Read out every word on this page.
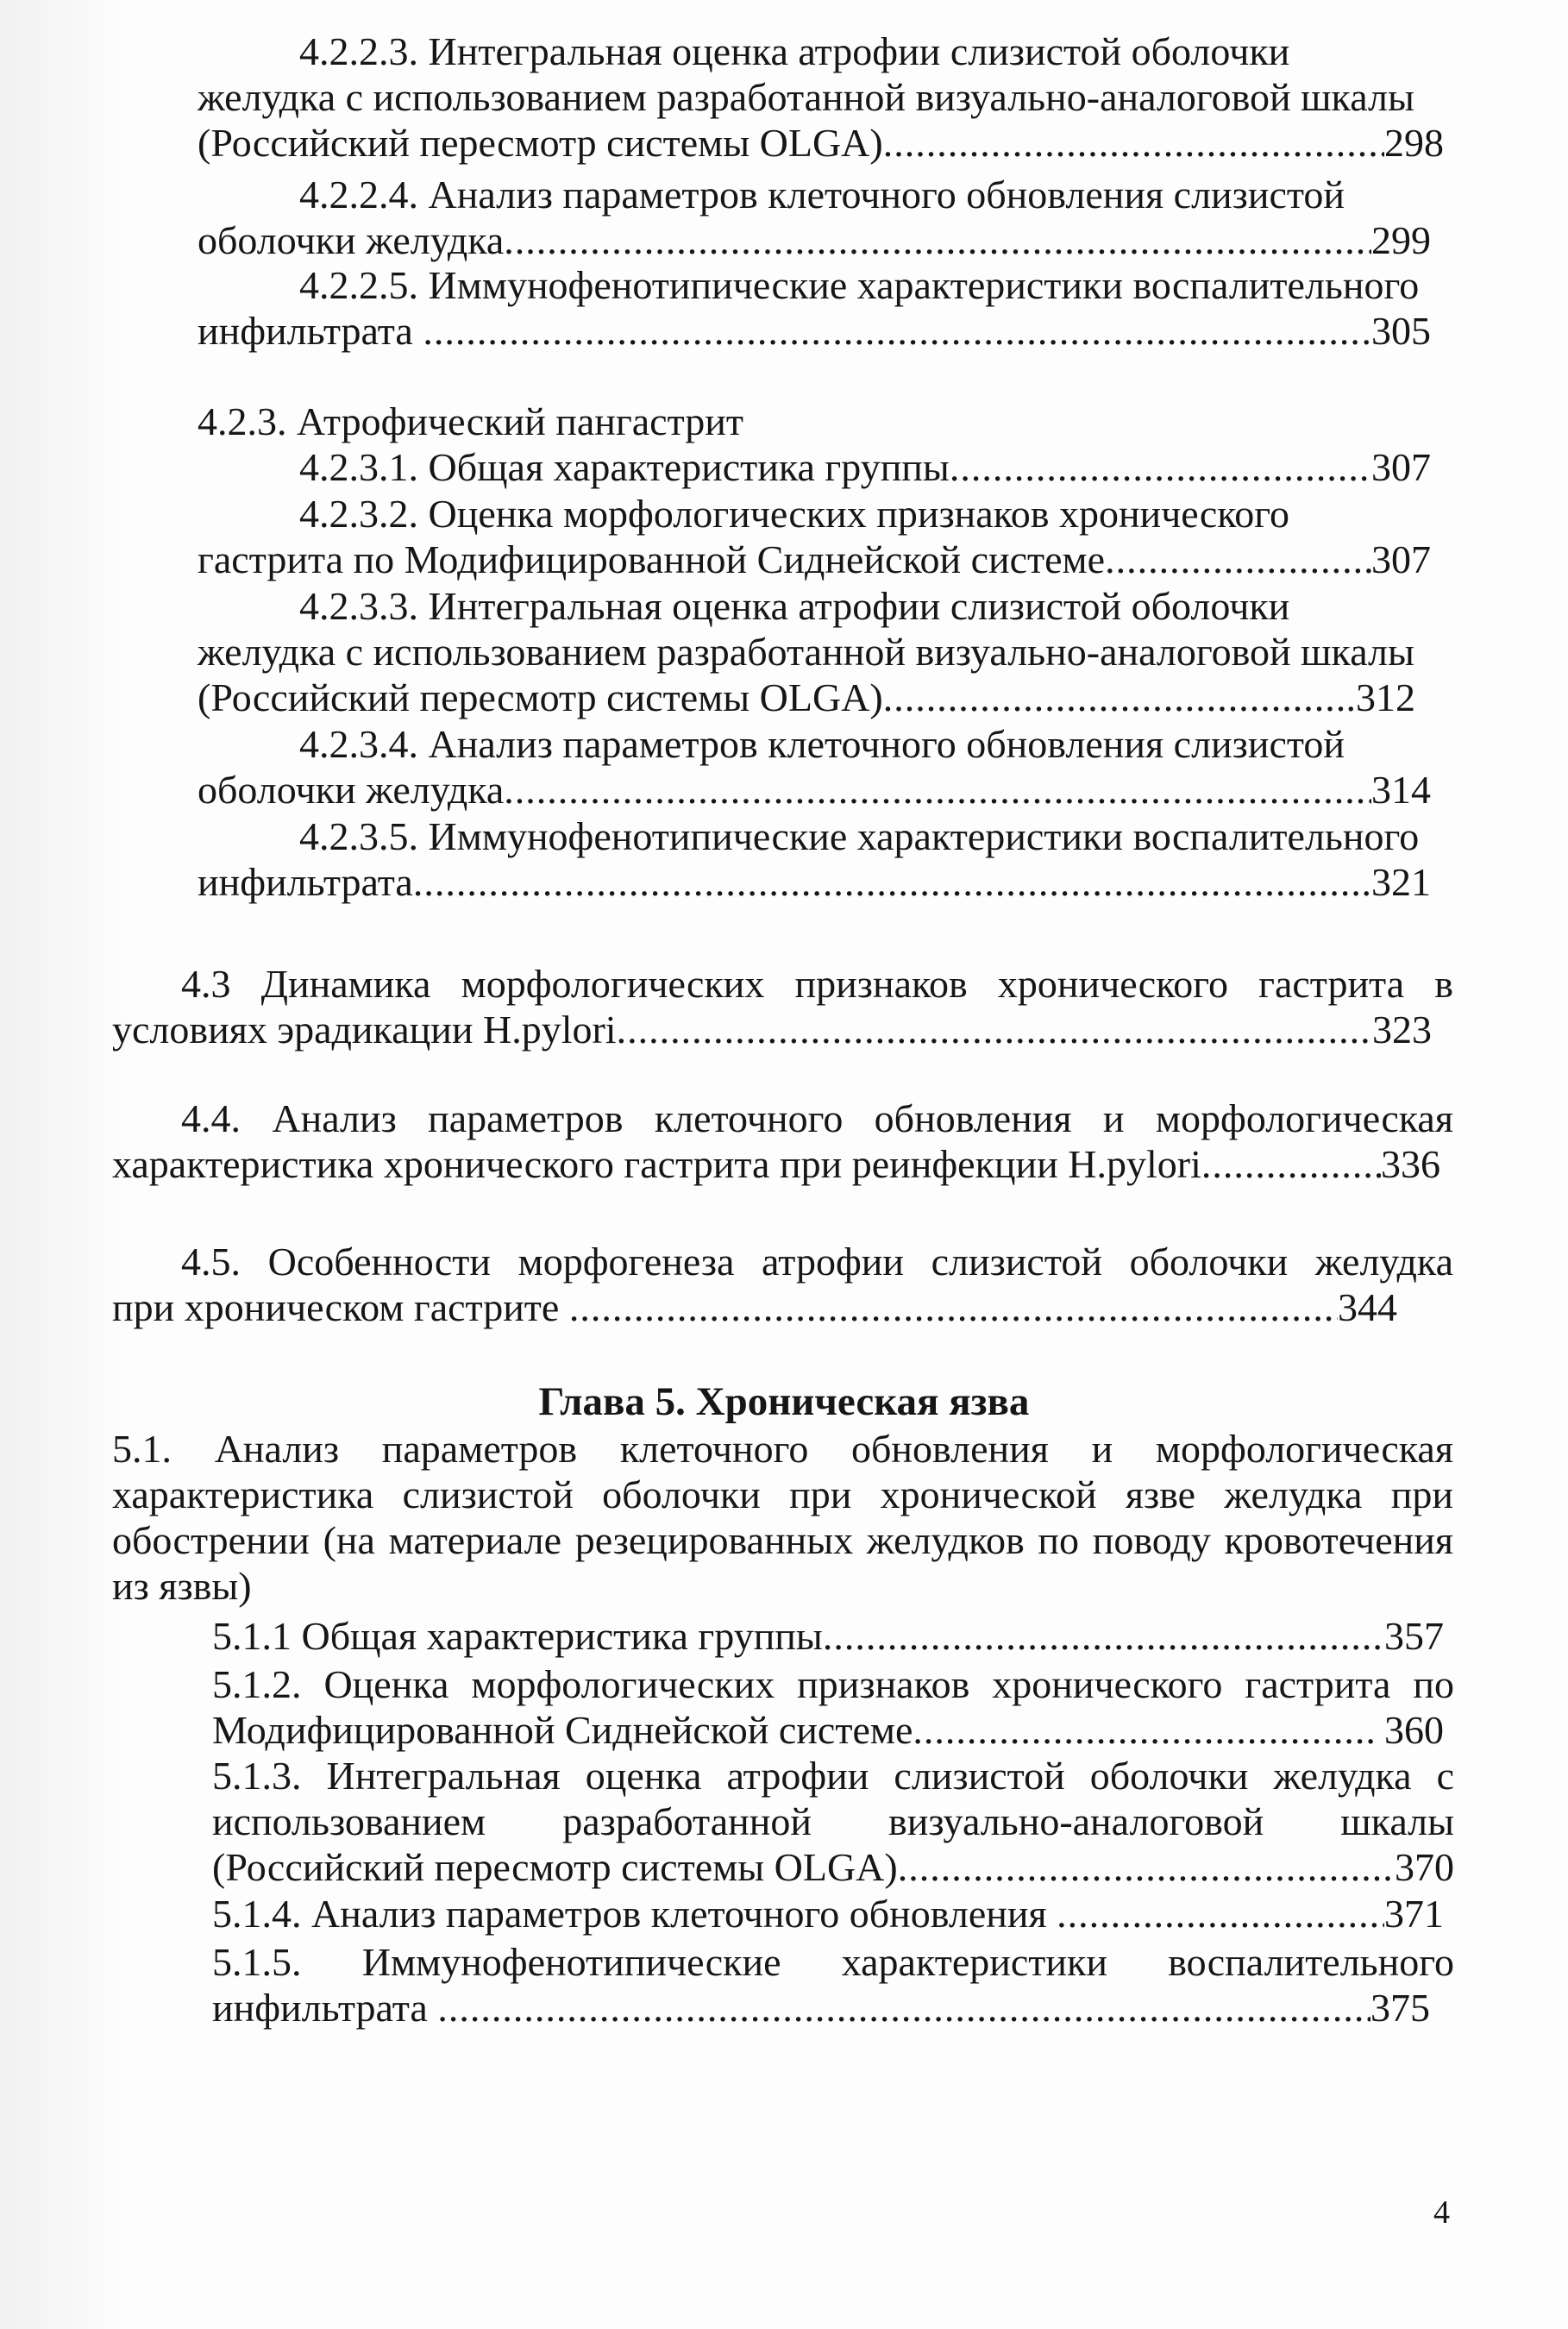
4.2.2.3. Интегральная оценка атрофии слизистой оболочки
желудка с использованием разработанной визуально-аналоговой шкалы
(Российский пересмотр системы OLGA) .....	298
4.2.2.4. Анализ параметров клеточного обновления слизистой
оболочки желудка .....	299
4.2.2.5. Иммунофенотипические характеристики воспалительного
инфильтрата .....	.305
4.2.3. Атрофический пангастрит
4.2.3.1. Общая характеристика группы .....	307
4.2.3.2. Оценка морфологических признаков хронического
гастрита по Модифицированной Сиднейской системе .....	307
4.2.3.3. Интегральная оценка атрофии слизистой оболочки
желудка с использованием разработанной визуально-аналоговой шкалы
(Российский пересмотр системы OLGA) .....	.312
4.2.3.4. Анализ параметров клеточного обновления слизистой
оболочки желудка .....	314
4.2.3.5. Иммунофенотипические характеристики воспалительного
инфильтрата .....	.321
4.3 Динамика морфологических признаков хронического гастрита в
условиях эрадикации H.pylori .....	323
4.4. Анализ параметров клеточного обновления и морфологическая
характеристика хронического гастрита при реинфекции H.pylori .....	336
4.5. Особенности морфогенеза атрофии слизистой оболочки желудка
при хроническом гастрите .....	344
Глава 5. Хроническая язва
5.1. Анализ параметров клеточного обновления и морфологическая
характеристика слизистой оболочки при хронической язве желудка при
обострении (на материале резецированных желудков по поводу кровотечения
из язвы)
5.1.1 Общая характеристика группы .....	357
5.1.2. Оценка морфологических признаков хронического гастрита по
Модифицированной Сиднейской системе .....	360
5.1.3. Интегральная оценка атрофии слизистой оболочки желудка с
использованием разработанной визуально-аналоговой шкалы
(Российский пересмотр системы OLGA) .....	370
5.1.4. Анализ параметров клеточного обновления .....	371
5.1.5. Иммунофенотипические характеристики воспалительного
инфильтрата .....	375
4
